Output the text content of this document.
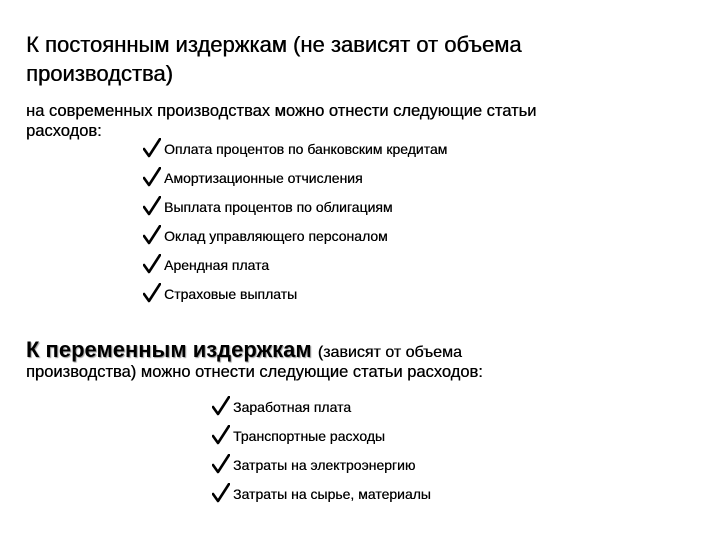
К постоянным издержкам (не зависят от объема
производства)
на современных производствах можно отнести следующие статьи
расходов:
Оплата процентов по банковским кредитам
Амортизационные отчисления
Выплата процентов по облигациям
Оклад управляющего персоналом
Арендная плата
Страховые выплаты
К переменным издержкам (зависят от объема
производства) можно отнести следующие статьи расходов:
Заработная плата
Транспортные расходы
Затраты на электроэнергию
Затраты на сырье, материалы
